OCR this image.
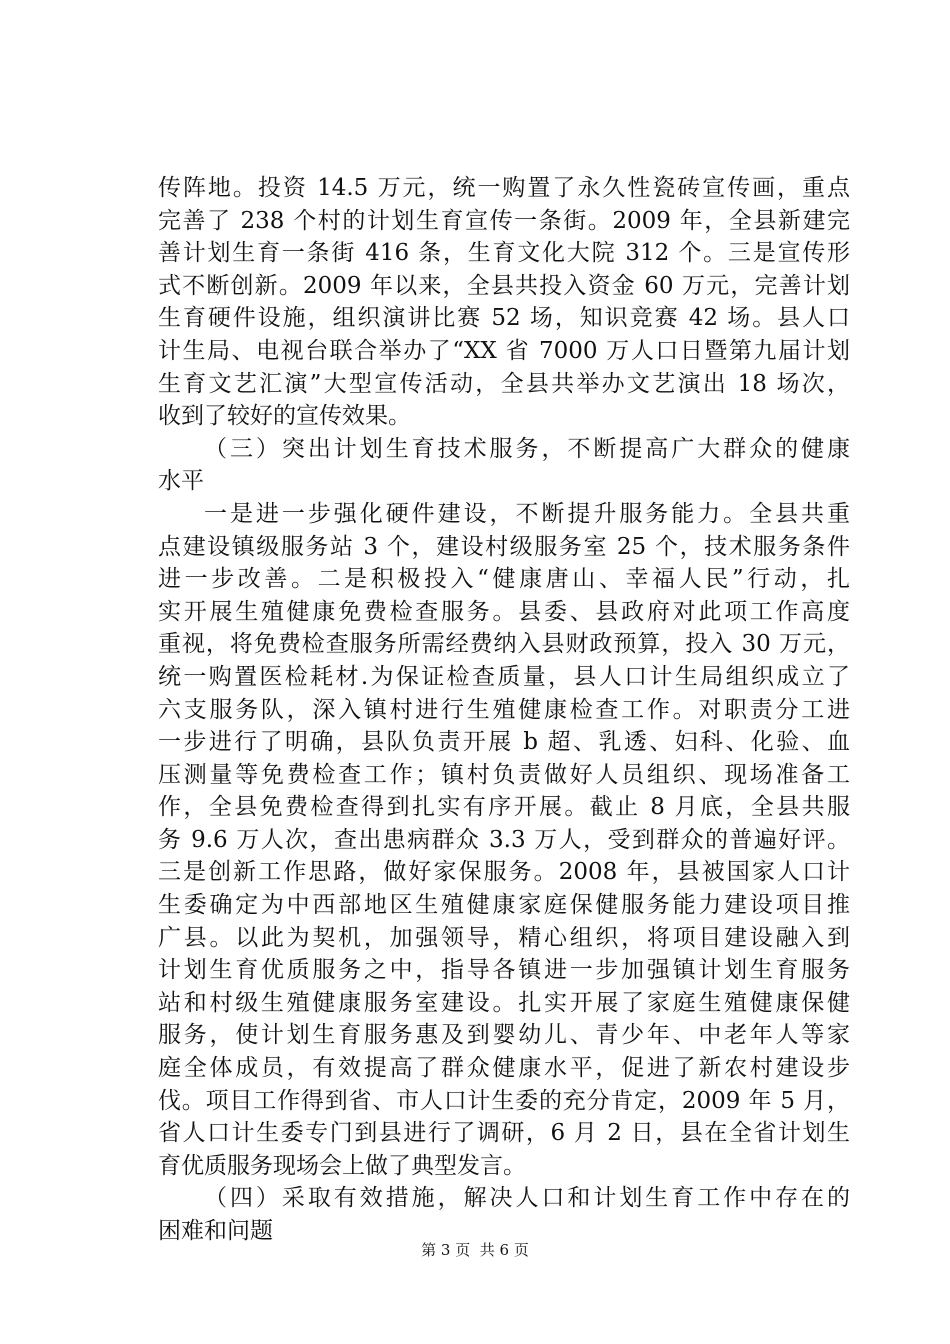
传阵地。投资 14.5 万元，统一购置了永久性瓷砖宣传画，重点
完善了 238 个村的计划生育宣传一条街。2009 年，全县新建完
善计划生育一条街 416 条，生育文化大院 312 个。三是宣传形
式不断创新。2009 年以来，全县共投入资金 60 万元，完善计划
生育硬件设施，组织演讲比赛 52 场，知识竞赛 42 场。县人口
计生局、电视台联合举办了“XX 省 7000 万人口日暨第九届计划
生育文艺汇演”大型宣传活动，全县共举办文艺演出 18 场次，
收到了较好的宣传效果。
（三）突出计划生育技术服务，不断提高广大群众的健康
水平
一是进一步强化硬件建设，不断提升服务能力。全县共重
点建设镇级服务站 3 个，建设村级服务室 25 个，技术服务条件
进一步改善。二是积极投入“健康唐山、幸福人民”行动，扎
实开展生殖健康免费检查服务。县委、县政府对此项工作高度
重视，将免费检查服务所需经费纳入县财政预算，投入 30 万元，
统一购置医检耗材.为保证检查质量，县人口计生局组织成立了
六支服务队，深入镇村进行生殖健康检查工作。对职责分工进
一步进行了明确，县队负责开展 b 超、乳透、妇科、化验、血
压测量等免费检查工作；镇村负责做好人员组织、现场准备工
作，全县免费检查得到扎实有序开展。截止 8 月底，全县共服
务 9.6 万人次，查出患病群众 3.3 万人，受到群众的普遍好评。
三是创新工作思路，做好家保服务。2008 年，县被国家人口计
生委确定为中西部地区生殖健康家庭保健服务能力建设项目推
广县。以此为契机，加强领导，精心组织，将项目建设融入到
计划生育优质服务之中，指导各镇进一步加强镇计划生育服务
站和村级生殖健康服务室建设。扎实开展了家庭生殖健康保健
服务，使计划生育服务惠及到婴幼儿、青少年、中老年人等家
庭全体成员，有效提高了群众健康水平，促进了新农村建设步
伐。项目工作得到省、市人口计生委的充分肯定，2009 年 5 月，
省人口计生委专门到县进行了调研，6 月 2 日，县在全省计划生
育优质服务现场会上做了典型发言。
（四）采取有效措施，解决人口和计划生育工作中存在的
困难和问题
第 3 页  共 6 页
